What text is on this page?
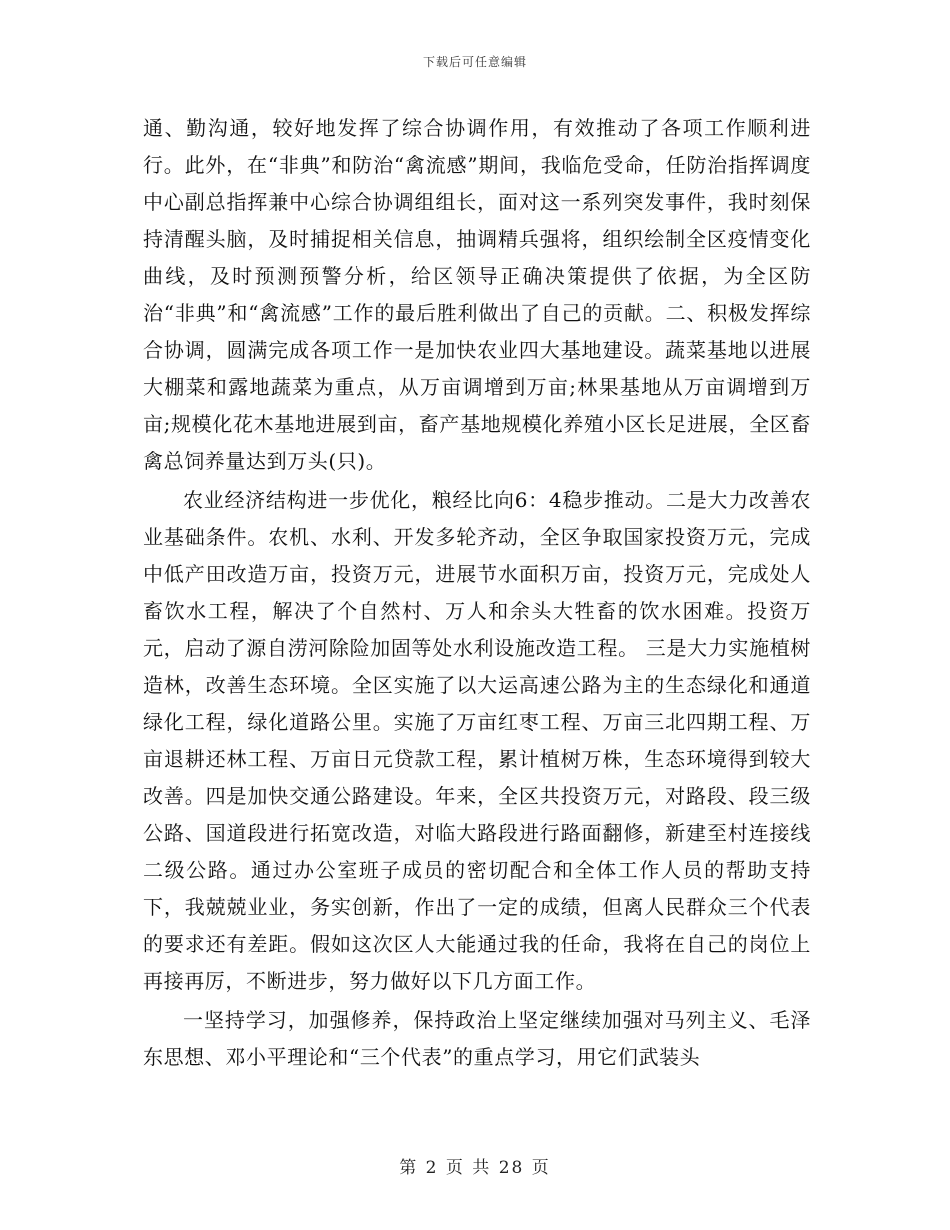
下载后可任意编辑

通、勤沟通，较好地发挥了综合协调作用，有效推动了各项工作顺利进行。此外，在“非典”和防治“禽流感”期间，我临危受命，任防治指挥调度中心副总指挥兼中心综合协调组组长，面对这一系列突发事件，我时刻保持清醒头脑，及时捕捉相关信息，抽调精兵强将，组织绘制全区疫情变化曲线，及时预测预警分析，给区领导正确决策提供了依据，为全区防治“非典”和“禽流感”工作的最后胜利做出了自己的贡献。二、积极发挥综合协调，圆满完成各项工作一是加快农业四大基地建设。蔬菜基地以进展大棚菜和露地蔬菜为重点，从万亩调增到万亩;林果基地从万亩调增到万亩;规模化花木基地进展到亩，畜产基地规模化养殖小区长足进展，全区畜禽总饲养量达到万头(只)。

农业经济结构进一步优化，粮经比向6：4稳步推动。二是大力改善农业基础条件。农机、水利、开发多轮齐动，全区争取国家投资万元，完成中低产田改造万亩，投资万元，进展节水面积万亩，投资万元，完成处人畜饮水工程，解决了个自然村、万人和余头大牲畜的饮水困难。投资万元，启动了源自涝河除险加固等处水利设施改造工程。 三是大力实施植树造林，改善生态环境。全区实施了以大运高速公路为主的生态绿化和通道绿化工程，绿化道路公里。实施了万亩红枣工程、万亩三北四期工程、万亩退耕还林工程、万亩日元贷款工程，累计植树万株，生态环境得到较大改善。四是加快交通公路建设。年来，全区共投资万元，对路段、段三级公路、国道段进行拓宽改造，对临大路段进行路面翻修，新建至村连接线二级公路。通过办公室班子成员的密切配合和全体工作人员的帮助支持下，我兢兢业业，务实创新，作出了一定的成绩，但离人民群众三个代表的要求还有差距。假如这次区人大能通过我的任命，我将在自己的岗位上再接再厉，不断进步，努力做好以下几方面工作。

一坚持学习，加强修养，保持政治上坚定继续加强对马列主义、毛泽东思想、邓小平理论和“三个代表”的重点学习，用它们武装头

第 2 页 共 28 页
